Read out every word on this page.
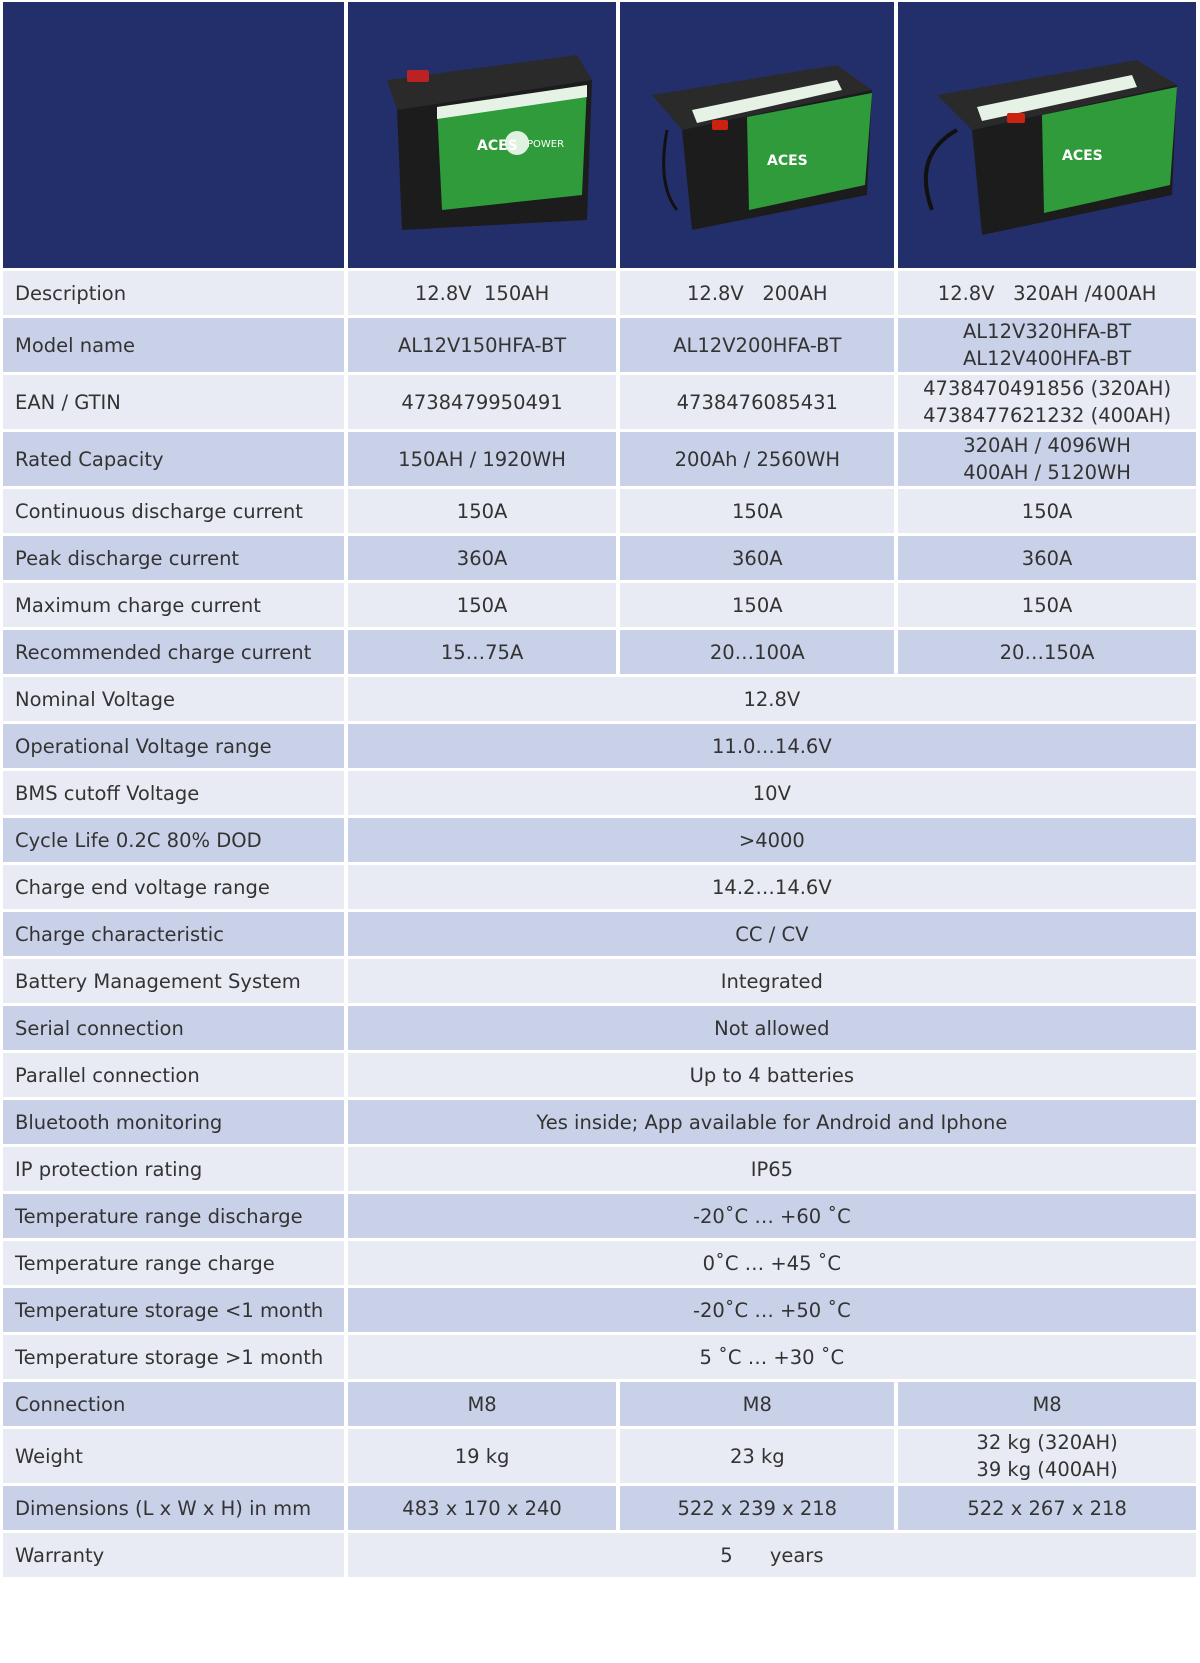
ACES POWER	ACES	ACES

Description	12.8V  150AH	12.8V   200AH	12.8V   320AH /400AH

Model name	AL12V150HFA-BT	AL12V200HFA-BT	AL12V320HFA-BT
AL12V400HFA-BT

EAN / GTIN	4738479950491	4738476085431	4738470491856 (320AH)
4738477621232 (400AH)

Rated Capacity	150AH / 1920WH	200Ah / 2560WH	320AH / 4096WH
400AH / 5120WH

Continuous discharge current	150A	150A	150A

Peak discharge current	360A	360A	360A

Maximum charge current	150A	150A	150A

Recommended charge current	15…75A	20…100A	20…150A

Nominal Voltage	12.8V		
Operational Voltage range	11.0…14.6V		
BMS cutoff Voltage	10V		
Cycle Life 0.2C 80% DOD	>4000		
Charge end voltage range	14.2…14.6V		
Charge characteristic	CC / CV		
Battery Management System	Integrated		
Serial connection	Not allowed		
Parallel connection	Up to 4 batteries		
Bluetooth monitoring	Yes inside; App available for Android and Iphone		
IP protection rating	IP65		
Temperature range discharge	-20˚C … +60 ˚C		
Temperature range charge	0˚C … +45 ˚C		
Temperature storage <1 month	-20˚C … +50 ˚C		
Temperature storage >1 month	5 ˚C … +30 ˚C		
Connection	M8	M8	M8

Weight	19 kg	23 kg	32 kg (320AH)
39 kg (400AH)

Dimensions (L x W x H) in mm	483 x 170 x 240	522 x 239 x 218	522 x 267 x 218

Warranty	5      years		
